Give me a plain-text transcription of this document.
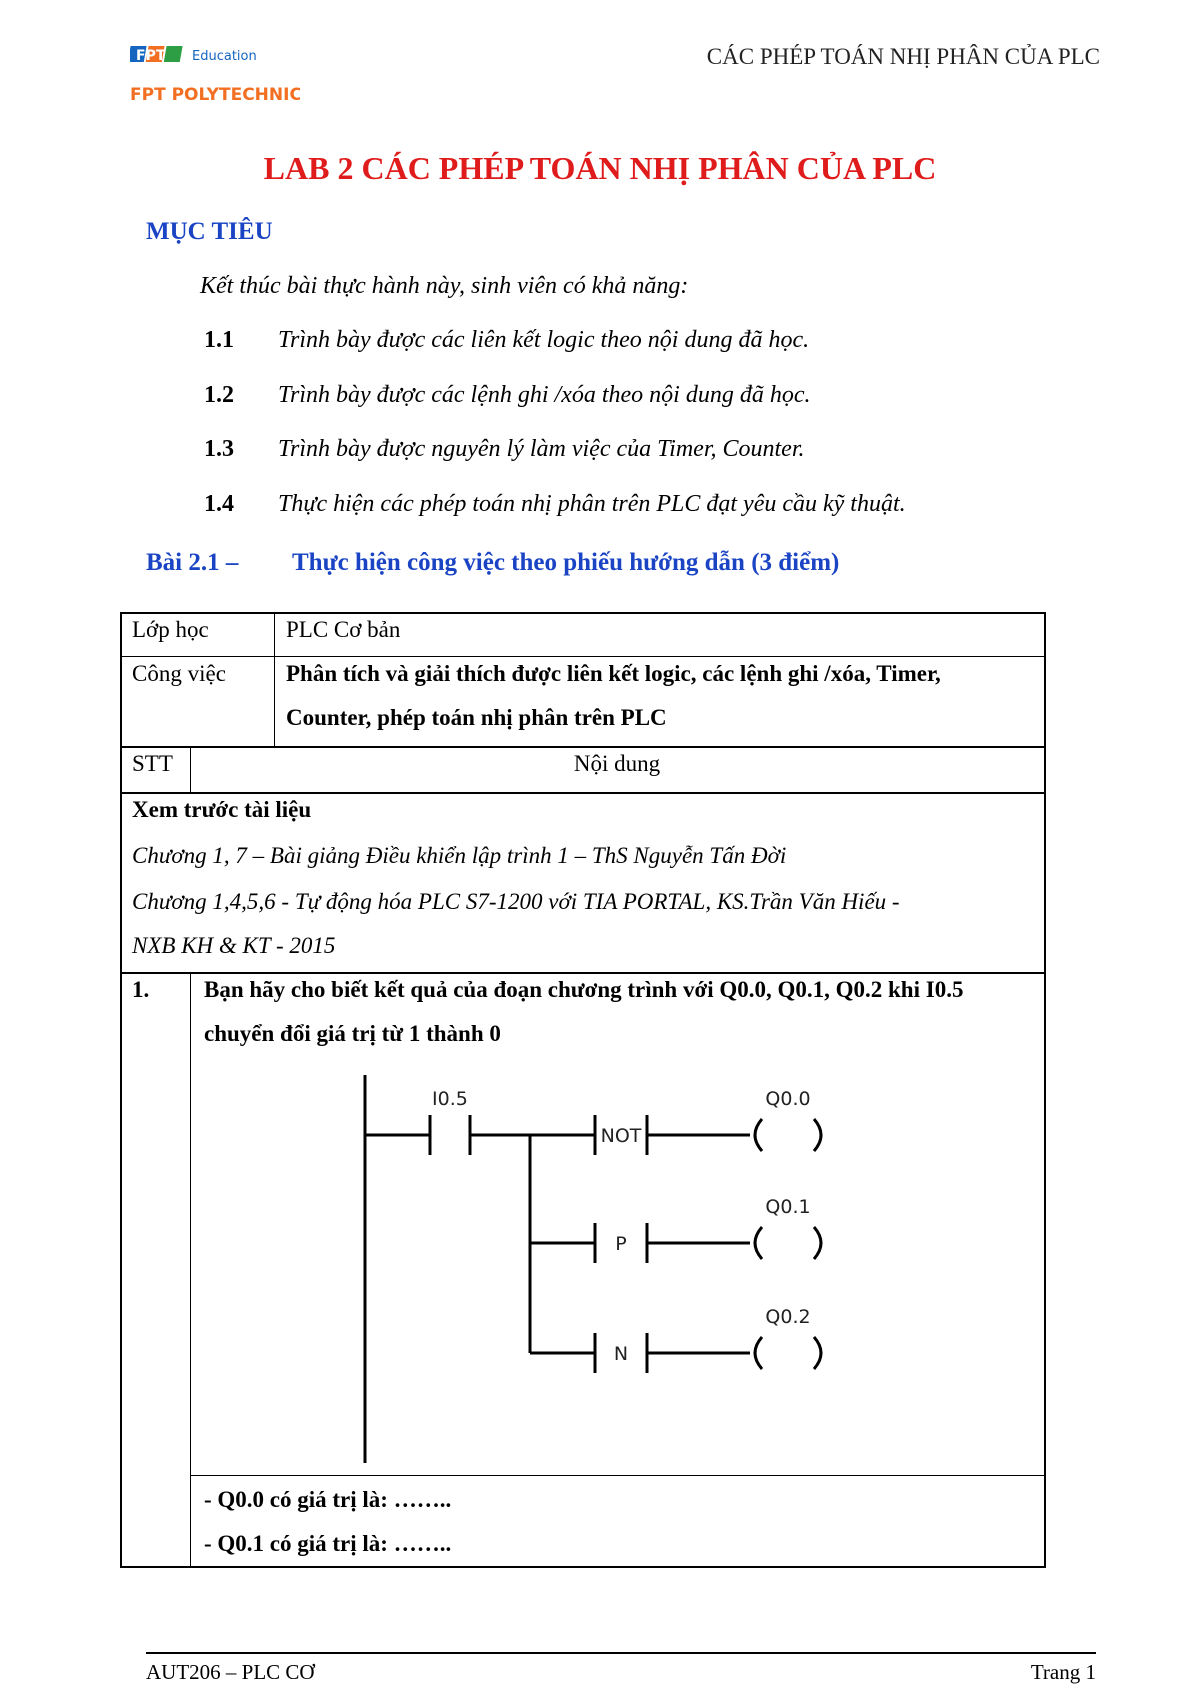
FPT Education
FPT POLYTECHNIC
CÁC PHÉP TOÁN NHỊ PHÂN CỦA PLC
LAB 2 CÁC PHÉP TOÁN NHỊ PHÂN CỦA PLC
MỤC TIÊU
Kết thúc bài thực hành này, sinh viên có khả năng:
1.1 Trình bày được các liên kết logic theo nội dung đã học.
1.2 Trình bày được các lệnh ghi /xóa theo nội dung đã học.
1.3 Trình bày được nguyên lý làm việc của Timer, Counter.
1.4 Thực hiện các phép toán nhị phân trên PLC đạt yêu cầu kỹ thuật.
Bài 2.1 – Thực hiện công việc theo phiếu hướng dẫn (3 điểm)
Lớp học	PLC Cơ bản
Công việc	Phân tích và giải thích được liên kết logic, các lệnh ghi /xóa, Timer,
Counter, phép toán nhị phân trên PLC
STT	Nội dung
Xem trước tài liệu
Chương 1, 7 – Bài giảng Điều khiển lập trình 1 – ThS Nguyễn Tấn Đời
Chương 1,4,5,6 - Tự động hóa PLC S7-1200 với TIA PORTAL, KS.Trần Văn Hiếu -
NXB KH & KT - 2015
1. Bạn hãy cho biết kết quả của đoạn chương trình với Q0.0, Q0.1, Q0.2 khi I0.5
chuyển đổi giá trị từ 1 thành 0
- Q0.0 có giá trị là: ……..
- Q0.1 có giá trị là: ……..
I0.5
NOT
P
N
Q0.0
Q0.1
Q0.2
AUT206 – PLC CƠ	Trang 1
